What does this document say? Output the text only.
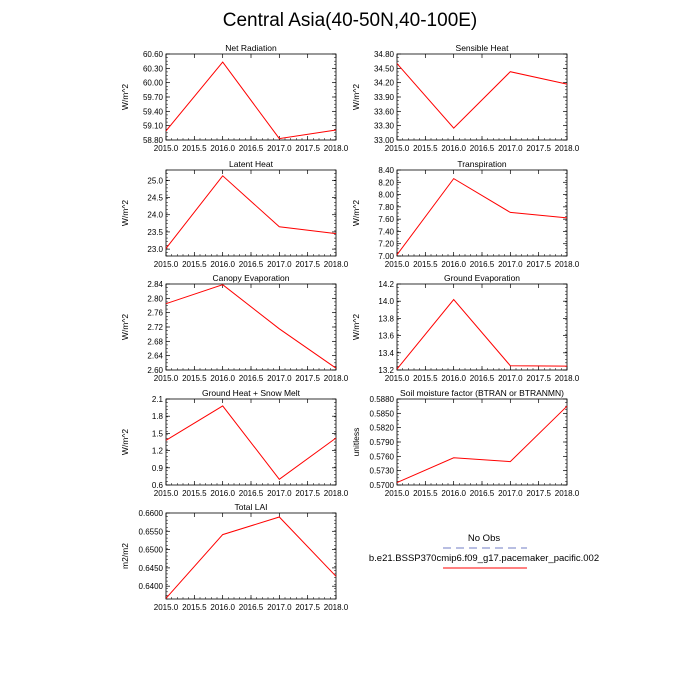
Central Asia(40-50N,40-100E)
2015.0 2015.5 2016.0 2016.5 2017.0 2017.5 2018.0
58.80
59.10
59.40
59.70
60.00
60.30
60.60
Net Radiation
W/m^2
2015.0 2015.5 2016.0 2016.5 2017.0 2017.5 2018.0
33.00
33.30
33.60
33.90
34.20
34.50
34.80
Sensible Heat
W/m^2
2015.0 2015.5 2016.0 2016.5 2017.0 2017.5 2018.0
23.0
23.5
24.0
24.5
25.0
Latent Heat
W/m^2
2015.0 2015.5 2016.0 2016.5 2017.0 2017.5 2018.0
7.00
7.20
7.40
7.60
7.80
8.00
8.20
8.40
Transpiration
W/m^2
2015.0 2015.5 2016.0 2016.5 2017.0 2017.5 2018.0
2.60
2.64
2.68
2.72
2.76
2.80
2.84
Canopy Evaporation
W/m^2
2015.0 2015.5 2016.0 2016.5 2017.0 2017.5 2018.0
13.2
13.4
13.6
13.8
14.0
14.2
Ground Evaporation
W/m^2
2015.0 2015.5 2016.0 2016.5 2017.0 2017.5 2018.0
0.6
0.9
1.2
1.5
1.8
2.1
Ground Heat + Snow Melt
W/m^2
2015.0 2015.5 2016.0 2016.5 2017.0 2017.5 2018.0
0.5700
0.5730
0.5760
0.5790
0.5820
0.5850
0.5880
Soil moisture factor (BTRAN or BTRANMN)
unitless
2015.0 2015.5 2016.0 2016.5 2017.0 2017.5 2018.0
0.6400
0.6450
0.6500
0.6550
0.6600
Total LAI
m2/m2
No Obs
b.e21.BSSP370cmip6.f09_g17.pacemaker_pacific.002
